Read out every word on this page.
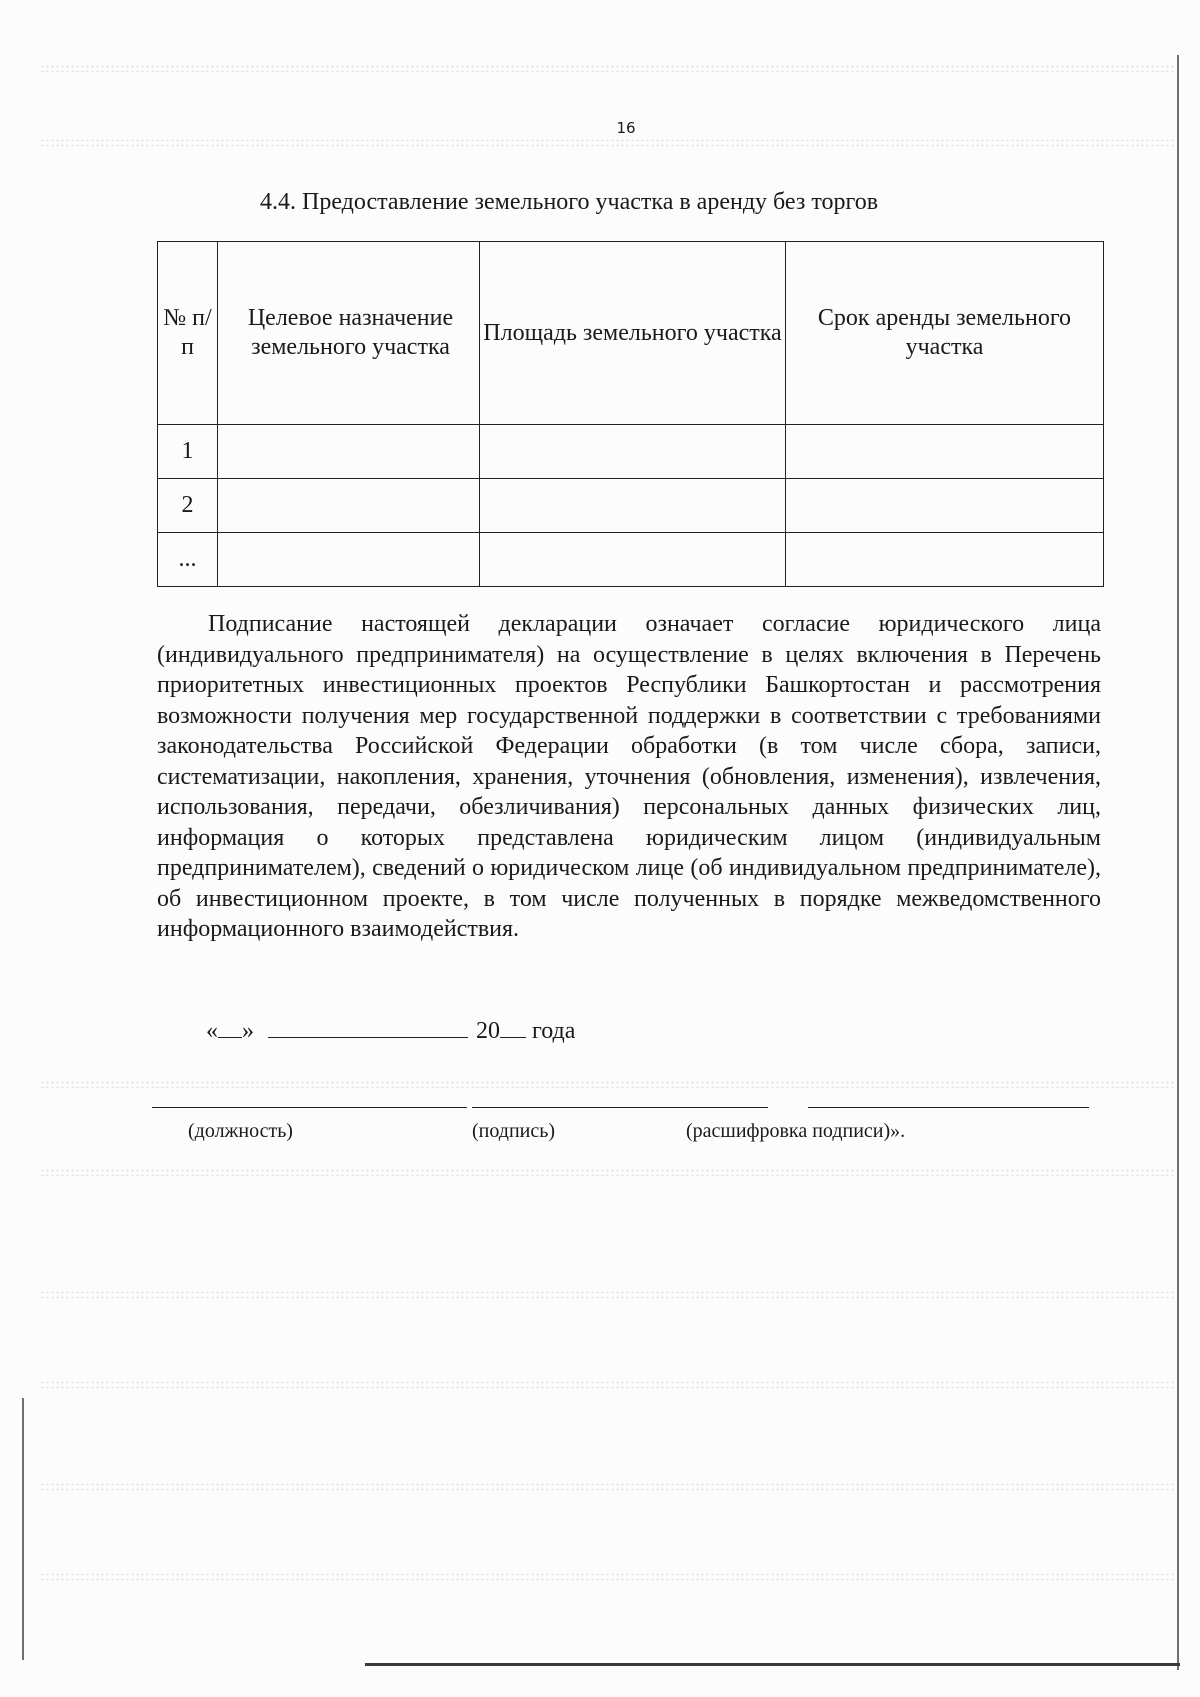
16
4.4. Предоставление земельного участка в аренду без торгов
№ п/п	Целевое назначение земельного участка	Площадь земельного участка	Срок аренды земельного участка
1			
2			
...			

Подписание настоящей декларации означает согласие юридического лица (индивидуального предпринимателя) на осуществление в целях включения в Перечень приоритетных инвестиционных проектов Республики Башкортостан и рассмотрения возможности получения мер государственной поддержки в соответствии с требованиями законодательства Российской Федерации обработки (в том числе сбора, записи, систематизации, накопления, хранения, уточнения (обновления, изменения), извлечения, использования, передачи, обезличивания) персональных данных физических лиц, информация о которых представлена юридическим лицом (индивидуальным предпринимателем), сведений о юридическом лице (об индивидуальном предпринимателе), об инвестиционном проекте, в том числе полученных в порядке межведомственного информационного взаимодействия.

« »	20 года
(должность)	(подпись)	(расшифровка подписи)».
